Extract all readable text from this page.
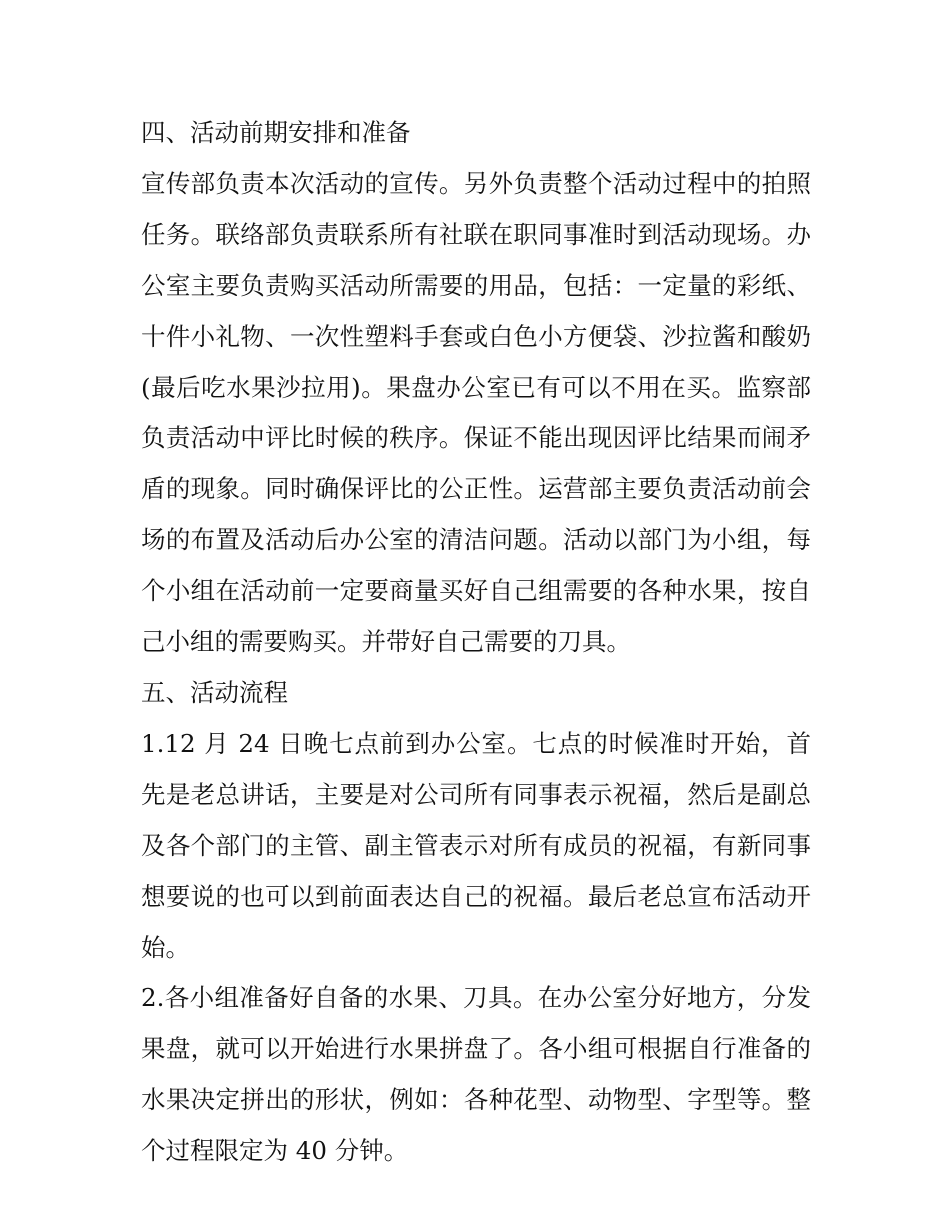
四、活动前期安排和准备
宣传部负责本次活动的宣传。另外负责整个活动过程中的拍照任务。联络部负责联系所有社联在职同事准时到活动现场。办公室主要负责购买活动所需要的用品，包括：一定量的彩纸、十件小礼物、一次性塑料手套或白色小方便袋、沙拉酱和酸奶(最后吃水果沙拉用)。果盘办公室已有可以不用在买。监察部负责活动中评比时候的秩序。保证不能出现因评比结果而闹矛盾的现象。同时确保评比的公正性。运营部主要负责活动前会场的布置及活动后办公室的清洁问题。活动以部门为小组，每个小组在活动前一定要商量买好自己组需要的各种水果，按自己小组的需要购买。并带好自己需要的刀具。
五、活动流程
1.12 月 24 日晚七点前到办公室。七点的时候准时开始，首先是老总讲话，主要是对公司所有同事表示祝福，然后是副总及各个部门的主管、副主管表示对所有成员的祝福，有新同事想要说的也可以到前面表达自己的祝福。最后老总宣布活动开始。
2.各小组准备好自备的水果、刀具。在办公室分好地方，分发果盘，就可以开始进行水果拼盘了。各小组可根据自行准备的水果决定拼出的形状，例如：各种花型、动物型、字型等。整个过程限定为 40 分钟。
